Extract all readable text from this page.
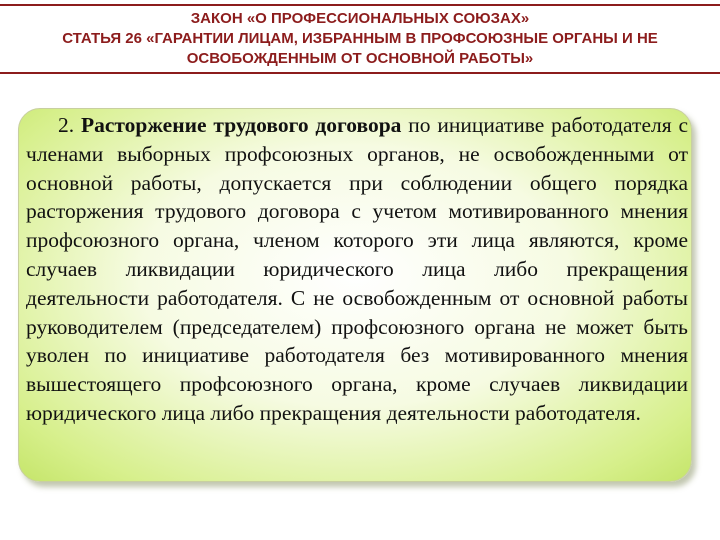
ЗАКОН «О ПРОФЕССИОНАЛЬНЫХ СОЮЗАХ»
СТАТЬЯ 26 «ГАРАНТИИ ЛИЦАМ, ИЗБРАННЫМ В ПРОФСОЮЗНЫЕ ОРГАНЫ И НЕ
ОСВОБОЖДЕННЫМ ОТ ОСНОВНОЙ РАБОТЫ»

2. Расторжение трудового договора по инициативе работодателя с членами выборных профсоюзных органов, не освобожденными от основной работы, допускается при соблюдении общего порядка расторжения трудового договора с учетом мотивированного мнения профсоюзного органа, членом которого эти лица являются, кроме случаев ликвидации юридического лица либо прекращения деятельности работодателя. С не освобожденным от основной работы руководителем (председателем) профсоюзного органа не может быть уволен по инициативе работодателя без мотивированного мнения вышестоящего профсоюзного органа, кроме случаев ликвидации юридического лица либо прекращения деятельности работодателя.
